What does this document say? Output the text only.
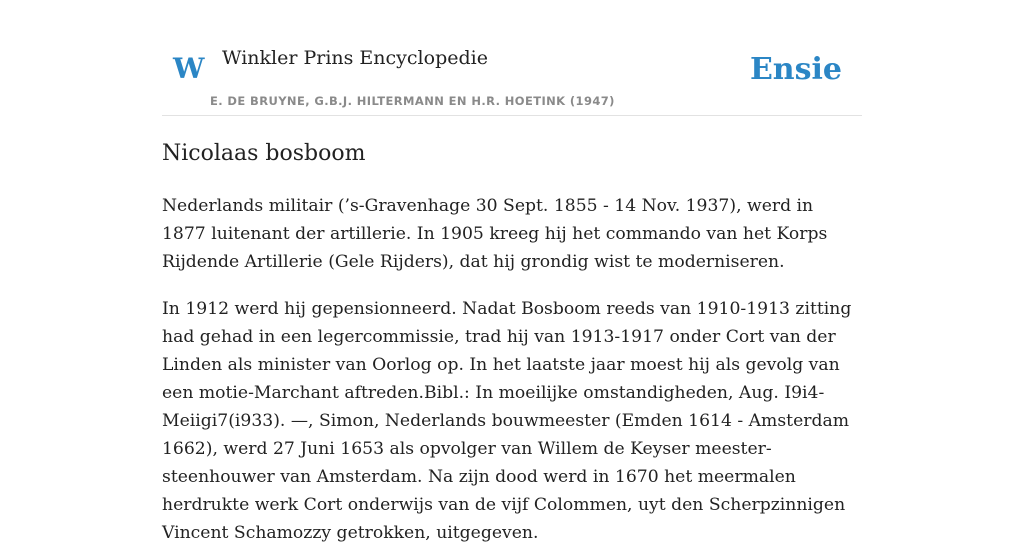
W Winkler Prins Encyclopedie
E. DE BRUYNE, G.B.J. HILTERMANN EN H.R. HOETINK (1947)
Ensie
Nicolaas bosboom

Nederlands militair (’s-Gravenhage 30 Sept. 1855 - 14 Nov. 1937), werd in 1877 luitenant der artillerie. In 1905 kreeg hij het commando van het Korps Rijdende Artillerie (Gele Rijders), dat hij grondig wist te moderniseren.

In 1912 werd hij gepensionneerd. Nadat Bosboom reeds van 1910-1913 zitting had gehad in een legercommissie, trad hij van 1913-1917 onder Cort van der Linden als minister van Oorlog op. In het laatste jaar moest hij als gevolg van een motie-Marchant aftreden.Bibl.: In moeilijke omstandigheden, Aug. I9i4-Meiigi7(i933). —, Simon, Nederlands bouwmeester (Emden 1614 - Amsterdam 1662), werd 27 Juni 1653 als opvolger van Willem de Keyser meester-steenhouwer van Amsterdam. Na zijn dood werd in 1670 het meermalen herdrukte werk Cort onderwijs van de vijf Colommen, uyt den Scherpzinnigen Vincent Schamozzy getrokken, uitgegeven.
